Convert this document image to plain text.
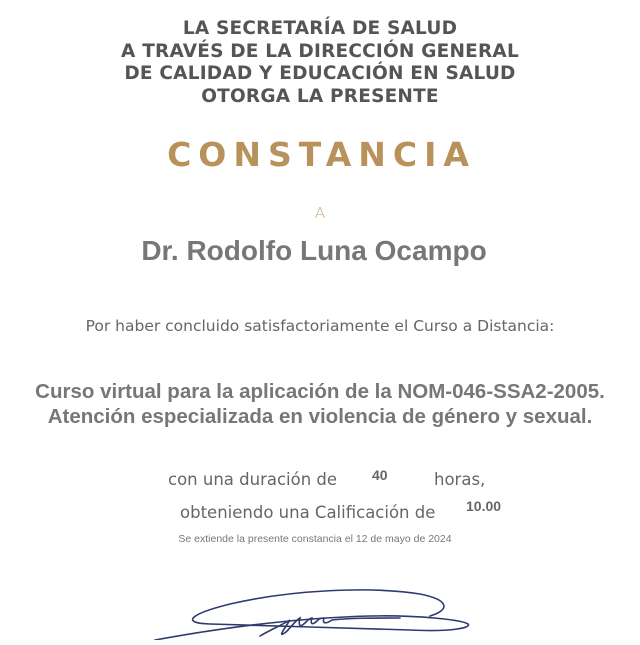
LA SECRETARÍA DE SALUD
A TRAVÉS DE LA DIRECCIÓN GENERAL
DE CALIDAD Y EDUCACIÓN EN SALUD
OTORGA LA PRESENTE
CONSTANCIA
A
Dr. Rodolfo Luna Ocampo
Por haber concluido satisfactoriamente el Curso a Distancia:
Curso virtual para la aplicación de la NOM-046-SSA2-2005.
Atención especializada en violencia de género y sexual.
con una duración de 40	horas,
obteniendo una Calificación de 10.00
Se extiende la presente constancia el 12 de mayo de 2024
